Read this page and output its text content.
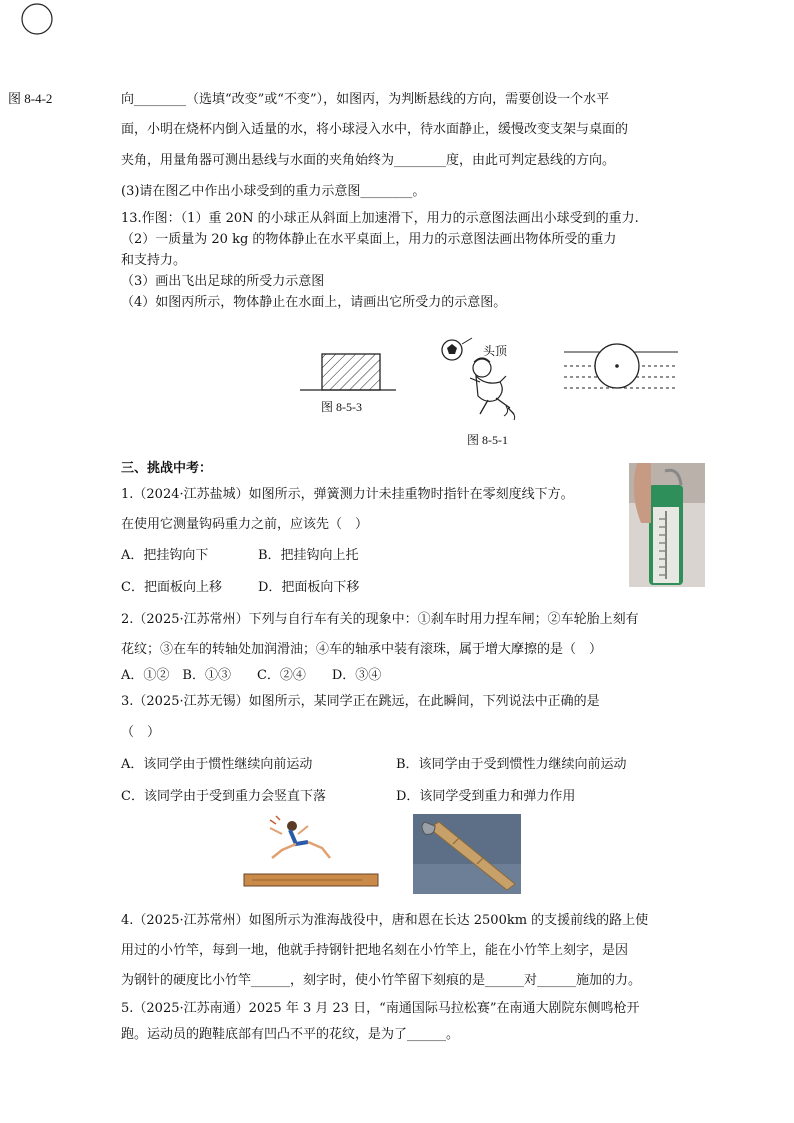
图 8-4-2	向________（选填“改变”或“不变”），如图丙，为判断悬线的方向，需要创设一个水平
面，小明在烧杯内倒入适量的水，将小球浸入水中，待水面静止，缓慢改变支架与桌面的
夹角，用量角器可测出悬线与水面的夹角始终为________度，由此可判定悬线的方向。
(3)请在图乙中作出小球受到的重力示意图________。
13.作图：（1）重 20N 的小球正从斜面上加速滑下，用力的示意图法画出小球受到的重力.
（2）一质量为 20 kg 的物体静止在水平桌面上，用力的示意图法画出物体所受的重力
和支持力。
（3）画出飞出足球的所受力示意图
（4）如图丙所示，物体静止在水面上，请画出它所受力的示意图。
图 8-5-3
头顶
图 8-5-1
三、挑战中考：
1.（2024·江苏盐城）如图所示，弹簧测力计未挂重物时指针在零刻度线下方。
在使用它测量钩码重力之前，应该先（　）
A．把挂钩向下	B．把挂钩向上托
C．把面板向上移	D．把面板向下移
2.（2025·江苏常州）下列与自行车有关的现象中：①刹车时用力捏车闸；②车轮胎上刻有
花纹；③在车的转轴处加润滑油；④车的轴承中装有滚珠，属于增大摩擦的是（　）
A．①②　B．①③　　C．②④　　D．③④
3.（2025·江苏无锡）如图所示，某同学正在跳远，在此瞬间，下列说法中正确的是
（　）
A．该同学由于惯性继续向前运动	B．该同学由于受到惯性力继续向前运动
C．该同学由于受到重力会竖直下落	D．该同学受到重力和弹力作用
4.（2025·江苏常州）如图所示为淮海战役中，唐和恩在长达 2500km 的支援前线的路上使
用过的小竹竿，每到一地，他就手持钢针把地名刻在小竹竿上，能在小竹竿上刻字，是因
为钢针的硬度比小竹竿______，刻字时，使小竹竿留下刻痕的是______对______施加的力。
5.（2025·江苏南通）2025 年 3 月 23 日，“南通国际马拉松赛”在南通大剧院东侧鸣枪开
跑。运动员的跑鞋底部有凹凸不平的花纹，是为了______。
